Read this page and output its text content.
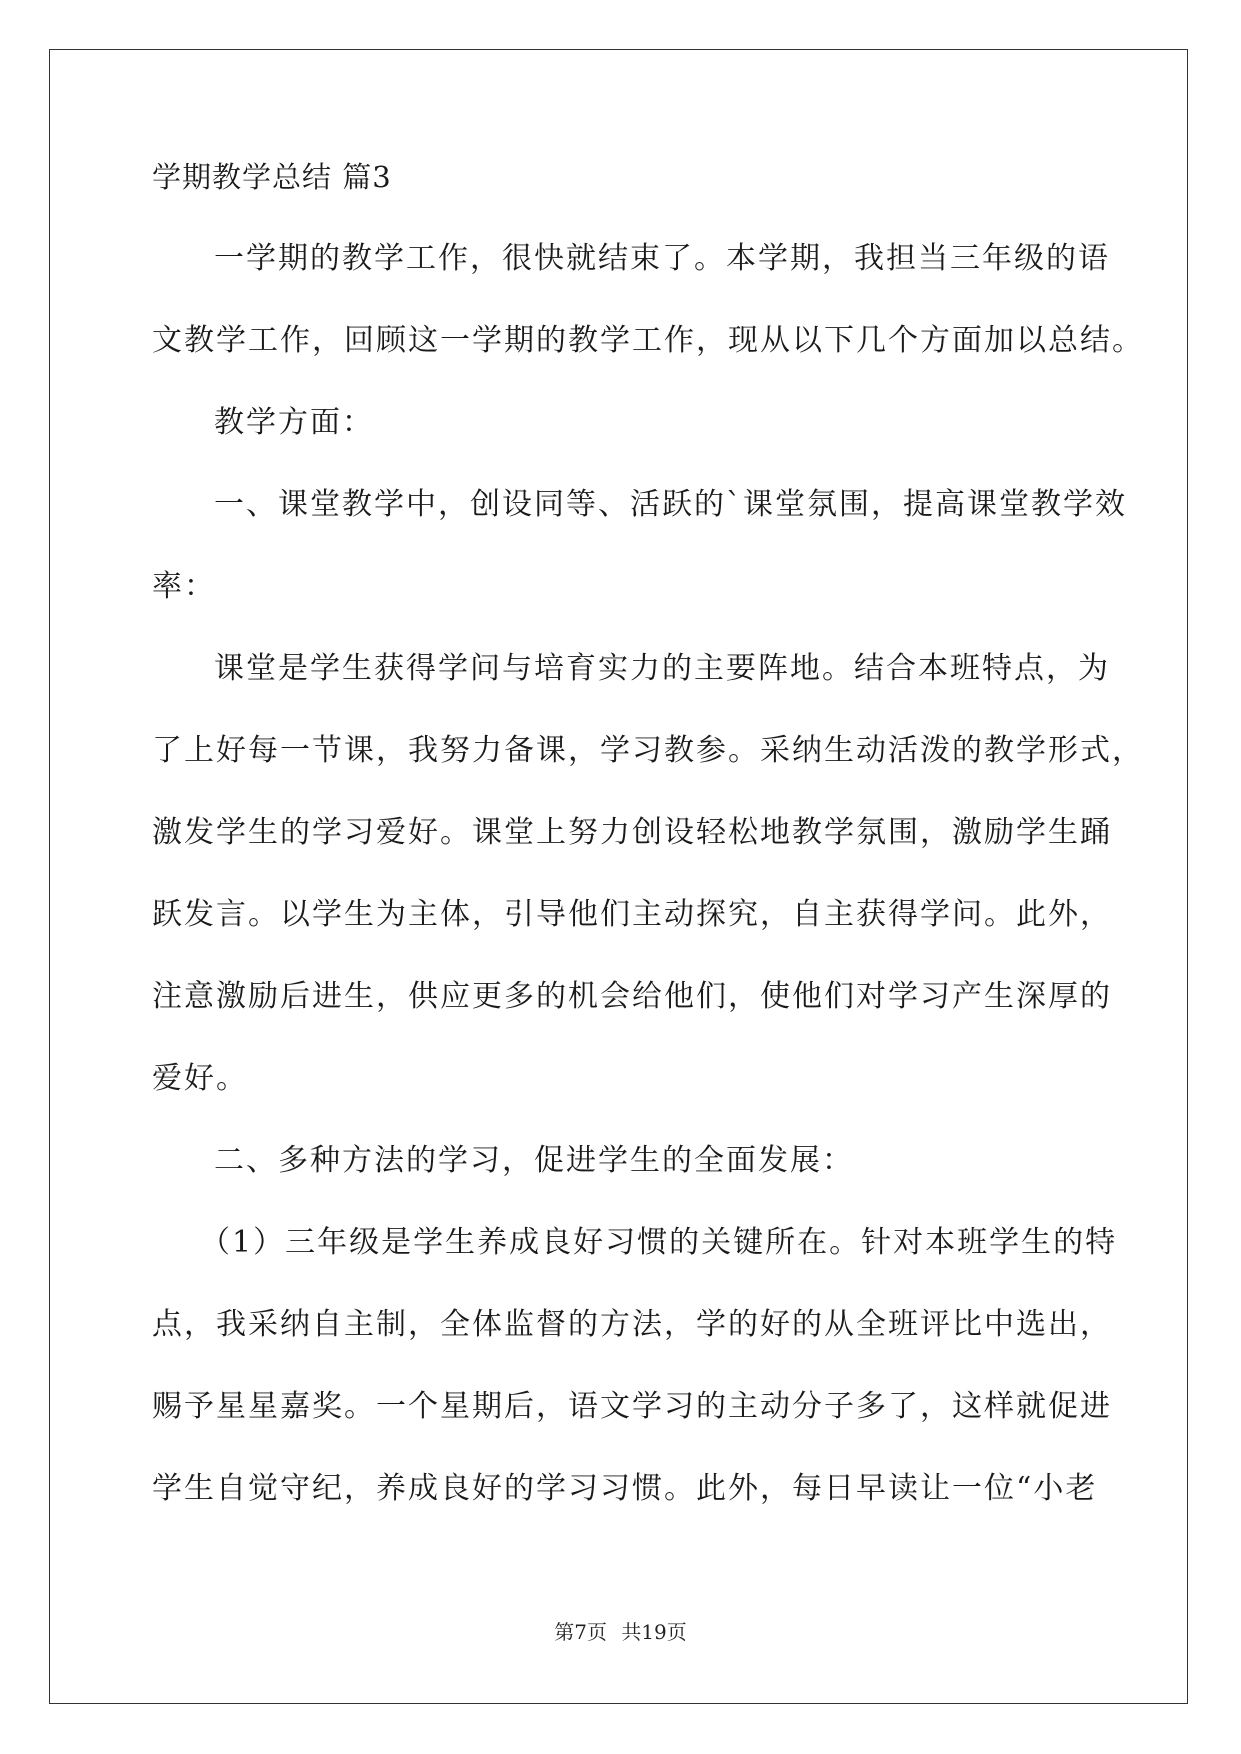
学期教学总结 篇3

一学期的教学工作，很快就结束了。本学期，我担当三年级的语

文教学工作，回顾这一学期的教学工作，现从以下几个方面加以总结。

教学方面：

一、课堂教学中，创设同等、活跃的`课堂氛围，提高课堂教学效

率：

课堂是学生获得学问与培育实力的主要阵地。结合本班特点，为

了上好每一节课，我努力备课，学习教参。采纳生动活泼的教学形式，

激发学生的学习爱好。课堂上努力创设轻松地教学氛围，激励学生踊

跃发言。以学生为主体，引导他们主动探究，自主获得学问。此外，

注意激励后进生，供应更多的机会给他们，使他们对学习产生深厚的

爱好。

二、多种方法的学习，促进学生的全面发展：

（1）三年级是学生养成良好习惯的关键所在。针对本班学生的特

点，我采纳自主制，全体监督的方法，学的好的从全班评比中选出，

赐予星星嘉奖。一个星期后，语文学习的主动分子多了，这样就促进

学生自觉守纪，养成良好的学习习惯。此外，每日早读让一位“小老

第7页 共19页
